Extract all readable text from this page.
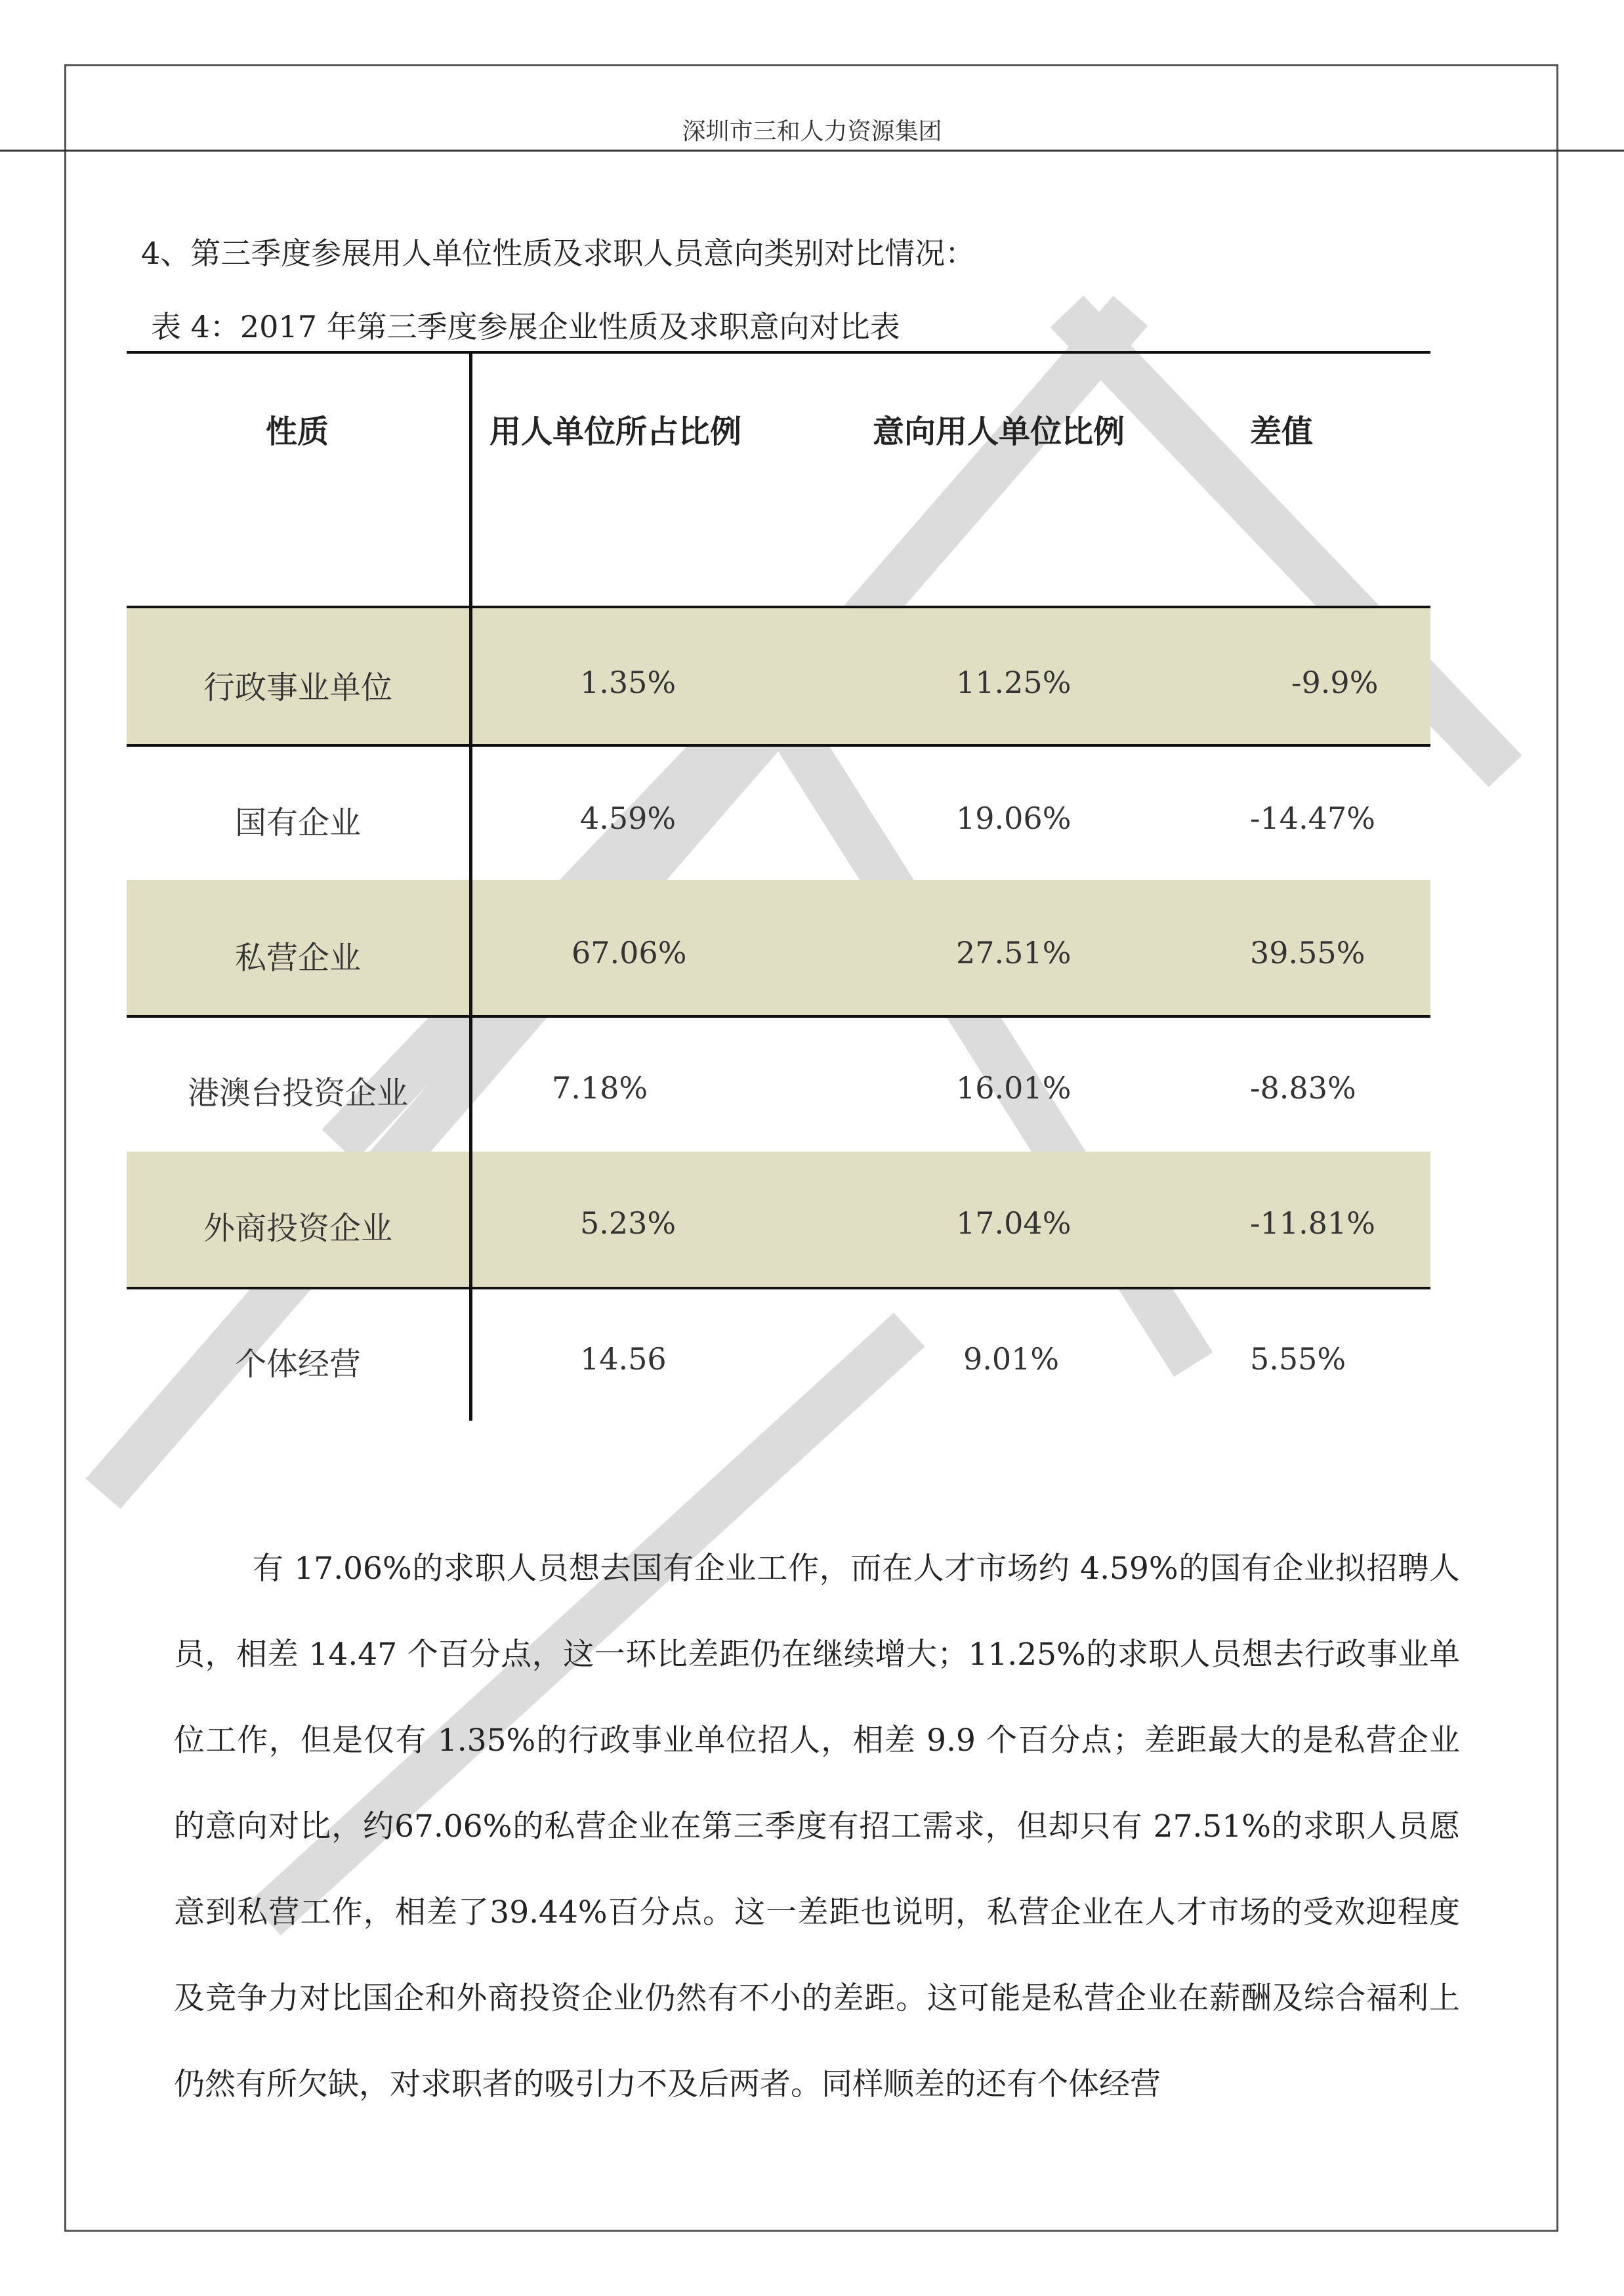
深圳市三和人力资源集团
4、第三季度参展用人单位性质及求职人员意向类别对比情况：
表 4：2017 年第三季度参展企业性质及求职意向对比表
性质	用人单位所占比例	意向用人单位比例	差值
行政事业单位	1.35%	11.25%	-9.9%
国有企业	4.59%	19.06%	-14.47%
私营企业	67.06%	27.51%	39.55%
港澳台投资企业	7.18%	16.01%	-8.83%
外商投资企业	5.23%	17.04%	-11.81%
个体经营	14.56	9.01%	5.55%
有 17.06%的求职人员想去国有企业工作，而在人才市场约 4.59%的国有企业拟招聘人员，相差 14.47 个百分点，这一环比差距仍在继续增大；11.25%的求职人员想去行政事业单位工作，但是仅有 1.35%的行政事业单位招人，相差 9.9 个百分点；差距最大的是私营企业的意向对比，约67.06%的私营企业在第三季度有招工需求，但却只有 27.51%的求职人员愿意到私营工作，相差了39.44%百分点。这一差距也说明，私营企业在人才市场的受欢迎程度及竞争力对比国企和外商投资企业仍然有不小的差距。这可能是私营企业在薪酬及综合福利上仍然有所欠缺，对求职者的吸引力不及后两者。同样顺差的还有个体经营
